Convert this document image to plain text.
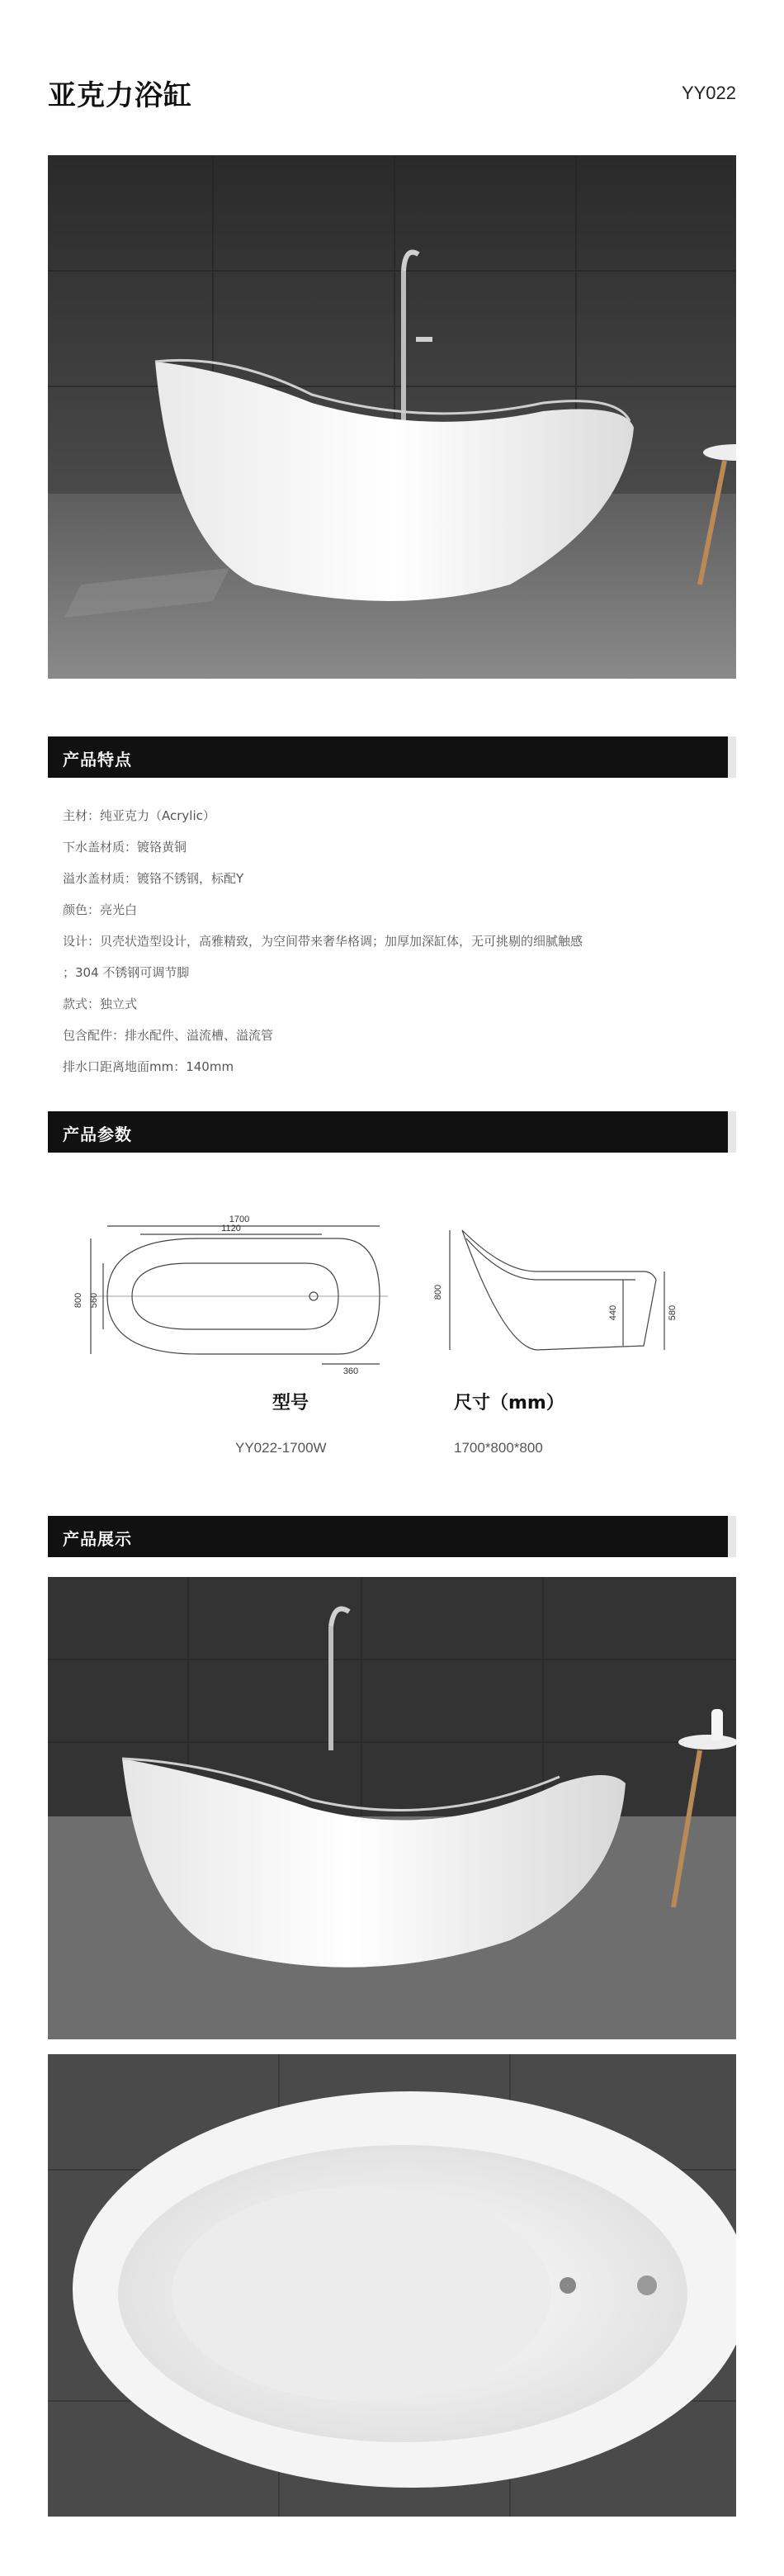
亚克力浴缸	YY022
产品特点
主材：纯亚克力（Acrylic）
下水盖材质：镀铬黄铜
溢水盖材质：镀铬不锈钢，标配Y
颜色：亮光白
设计：贝壳状造型设计，高雅精致，为空间带来奢华格调；加厚加深缸体，无可挑剔的细腻触感
；304 不锈钢可调节脚
款式：独立式
包含配件：排水配件、溢流槽、溢流管
排水口距离地面mm：140mm
产品参数
1700
1120
800 560
360
800
440	580
型号	尺寸（mm）
YY022-1700W	1700*800*800
产品展示
